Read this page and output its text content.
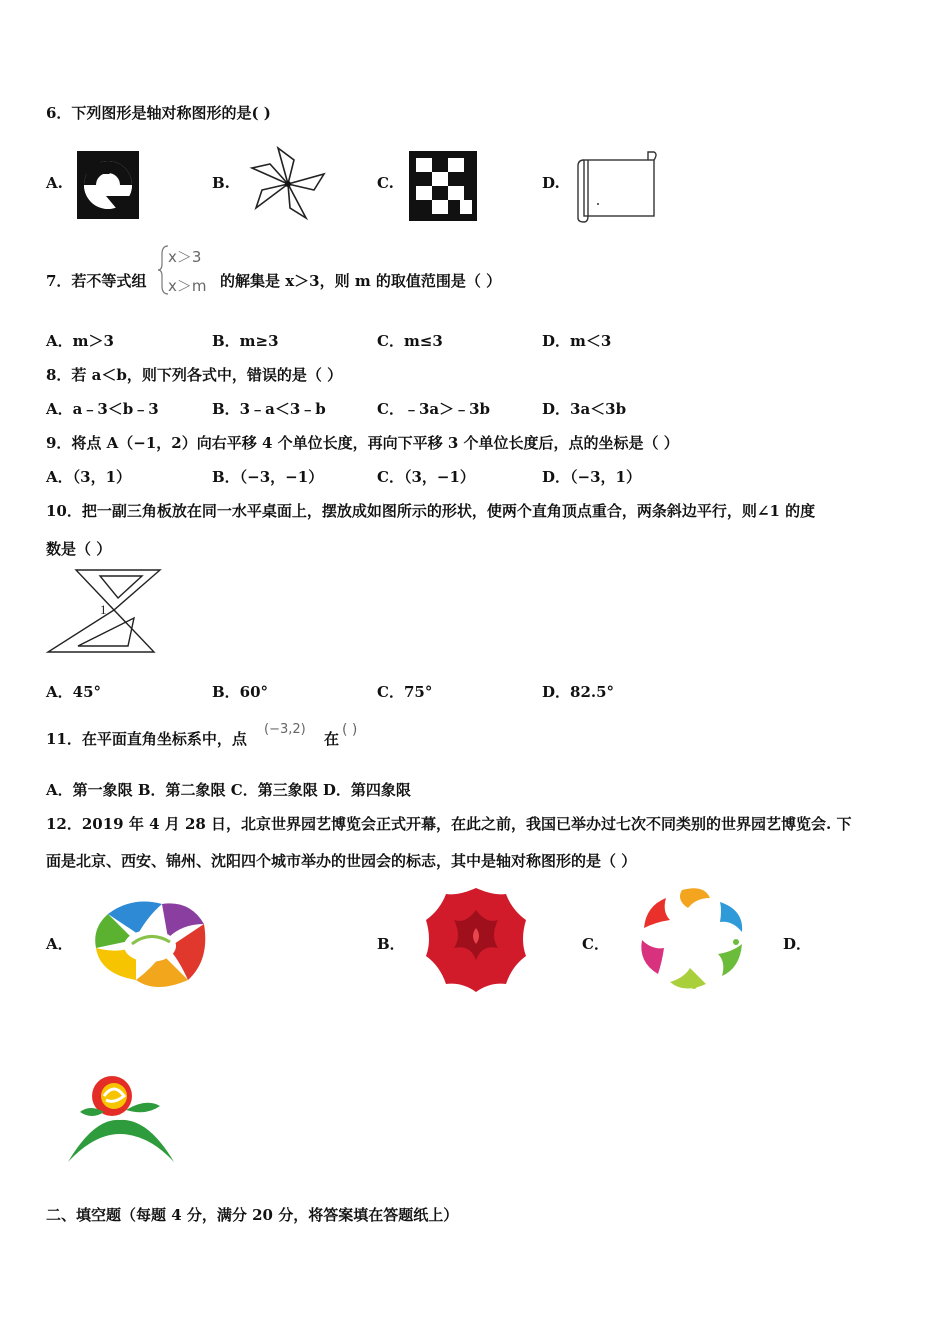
6．下列图形是轴对称图形的是( )
A.	B.	C.	D.
7．若不等式组
x＞3
x＞m 的解集是 x＞3，则 m 的取值范围是（ ）
A．m＞3	B．m≥3	C．m≤3	D．m＜3
8．若 a＜b，则下列各式中，错误的是（ ）
A．a﹣3＜b﹣3	B．3﹣a＜3﹣b	C．﹣3a＞﹣3b	D．3a＜3b
9．将点 A（−1，2）向右平移 4 个单位长度，再向下平移 3 个单位长度后，点的坐标是（ ）
A．（3，1）	B．（−3，−1）	C．（3，−1）	D．（−3，1）
10．把一副三角板放在同一水平桌面上，摆放成如图所示的形状，使两个直角顶点重合，两条斜边平行，则∠1 的度
数是（ ）
1
A．45°	B．60°	C．75°	D．82.5°
11．在平面直角坐标系中，点
(−3,2)
在 ( )
A．第一象限 B．第二象限 C．第三象限 D．第四象限
12．2019 年 4 月 28 日，北京世界园艺博览会正式开幕，在此之前，我国已举办过七次不同类别的世界园艺博览会. 下
面是北京、西安、锦州、沈阳四个城市举办的世园会的标志，其中是轴对称图形的是（ ）
A．	B．	C．	D．
二、填空题（每题 4 分，满分 20 分，将答案填在答题纸上）
